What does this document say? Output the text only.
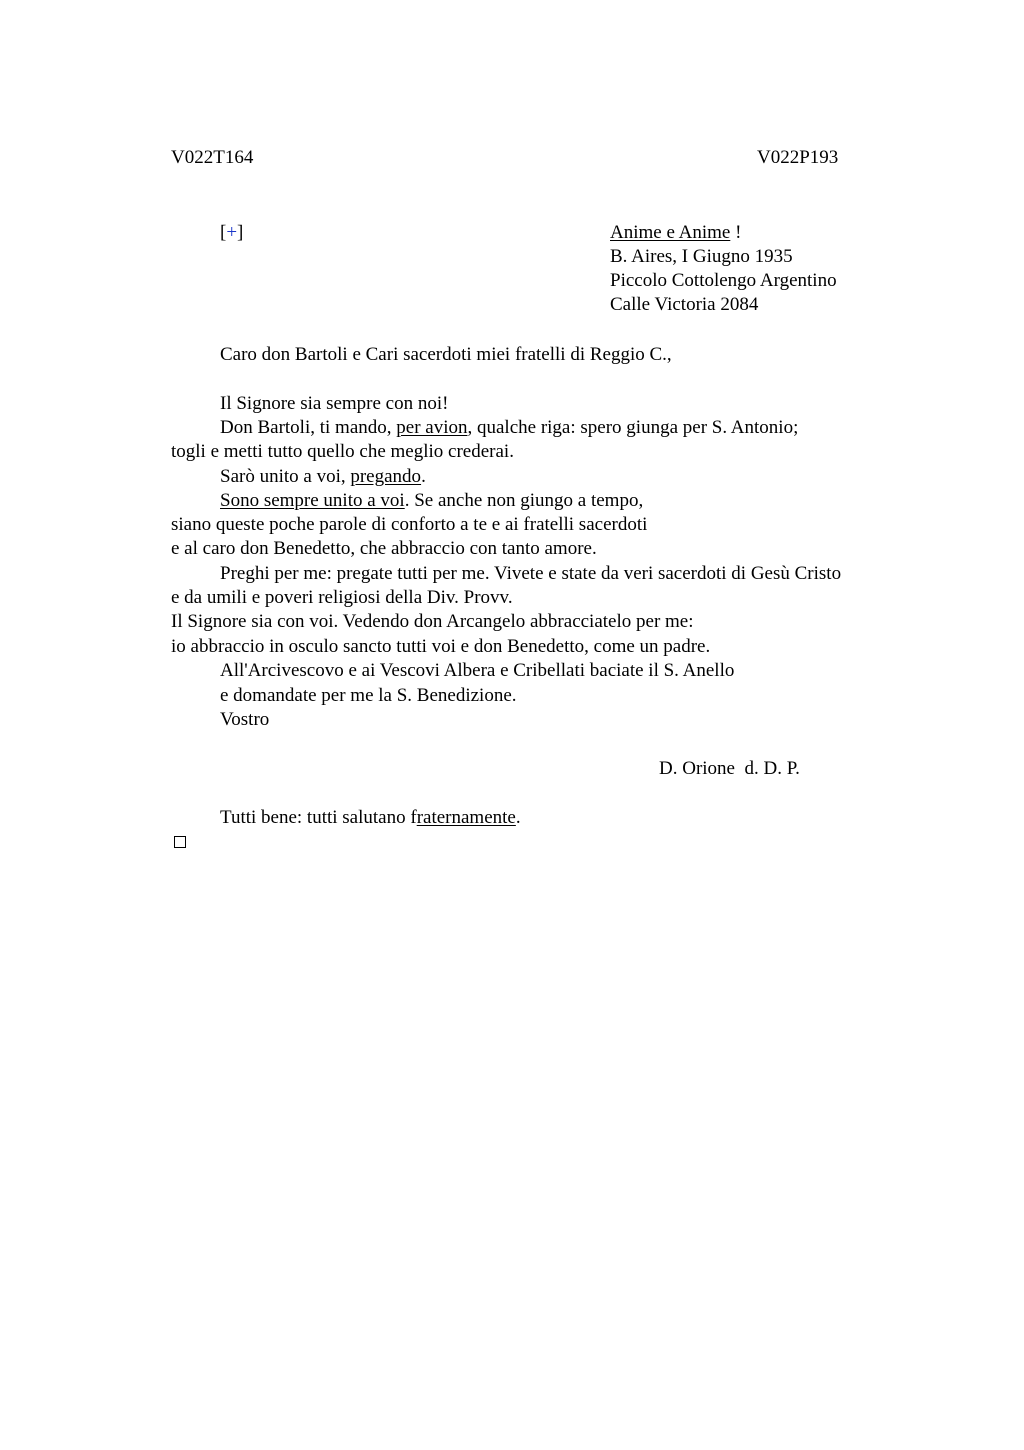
V022T164	V022P193
[+]	Anime e Anime !
B. Aires, I Giugno 1935
Piccolo Cottolengo Argentino
Calle Victoria 2084
Caro don Bartoli e Cari sacerdoti miei fratelli di Reggio C.,
Il Signore sia sempre con noi!
Don Bartoli, ti mando, per avion, qualche riga: spero giunga per S. Antonio;
togli e metti tutto quello che meglio crederai.
Sarò unito a voi, pregando.
Sono sempre unito a voi. Se anche non giungo a tempo,
siano queste poche parole di conforto a te e ai fratelli sacerdoti
e al caro don Benedetto, che abbraccio con tanto amore.
Preghi per me: pregate tutti per me. Vivete e state da veri sacerdoti di Gesù Cristo
e da umili e poveri religiosi della Div. Provv.
Il Signore sia con voi. Vedendo don Arcangelo abbracciatelo per me:
io abbraccio in osculo sancto tutti voi e don Benedetto, come un padre.
All'Arcivescovo e ai Vescovi Albera e Cribellati baciate il S. Anello
e domandate per me la S. Benedizione.
Vostro
D. Orione  d. D. P.
Tutti bene: tutti salutano fraternamente.
